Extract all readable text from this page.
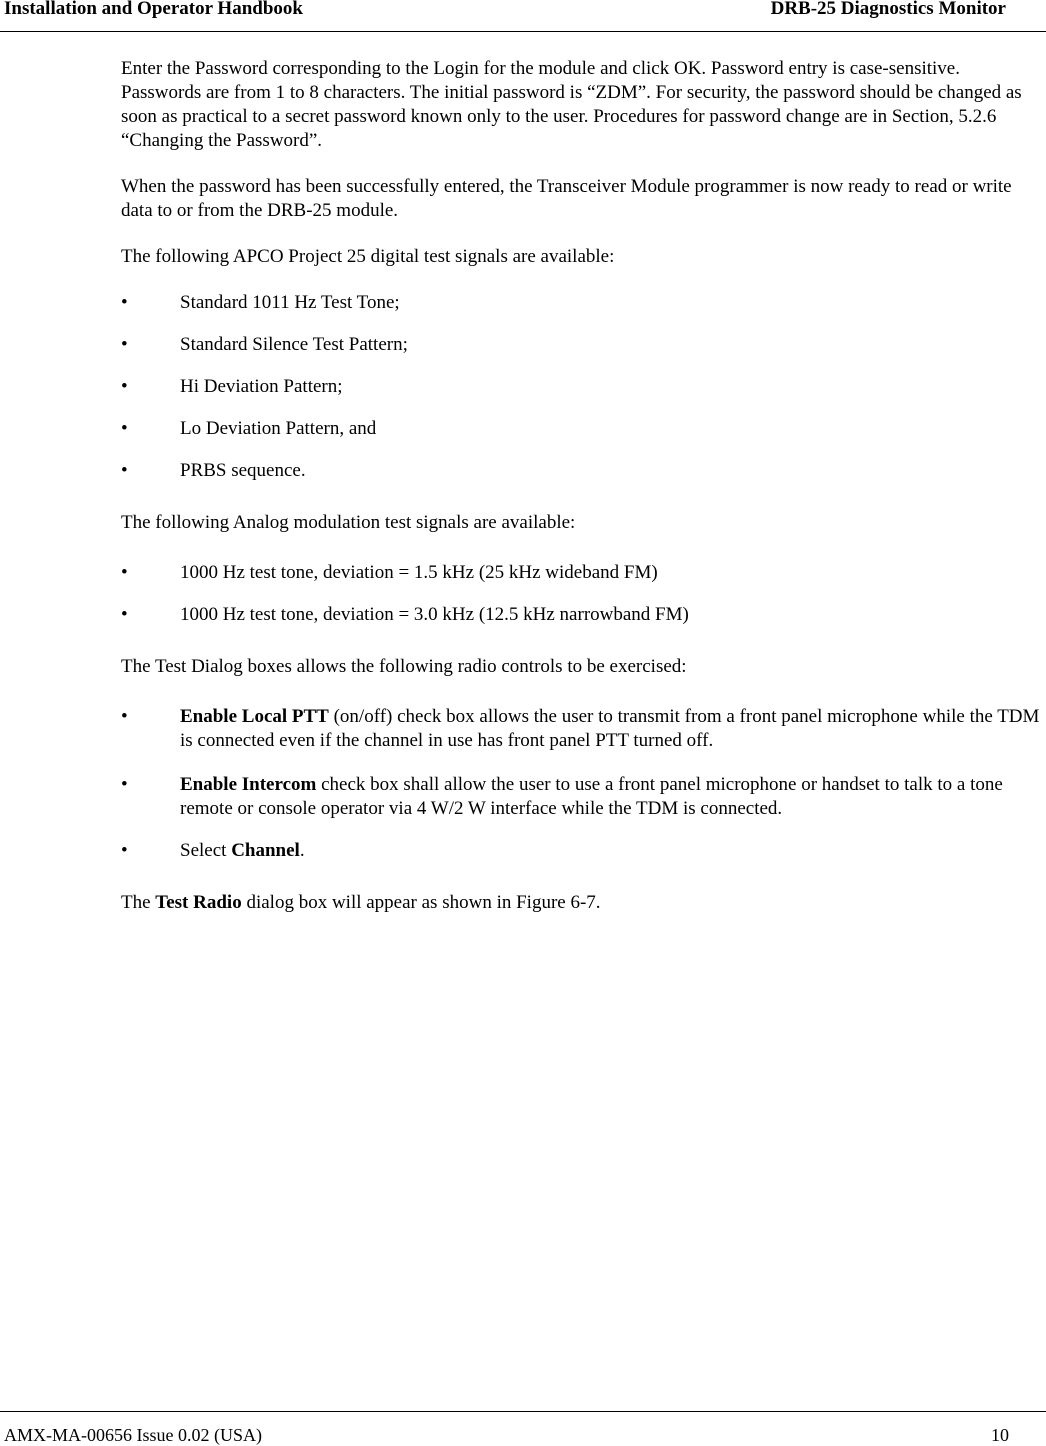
Installation and Operator Handbook	DRB-25 Diagnostics Monitor

Enter the Password corresponding to the Login for the module and click OK. Password entry is case-sensitive. Passwords are from 1 to 8 characters. The initial password is “ZDM”. For security, the password should be changed as soon as practical to a secret password known only to the user. Procedures for password change are in Section, 5.2.6 “Changing the Password”.

When the password has been successfully entered, the Transceiver Module programmer is now ready to read or write data to or from the DRB-25 module.

The following APCO Project 25 digital test signals are available:

•	Standard 1011 Hz Test Tone;
•	Standard Silence Test Pattern;
•	Hi Deviation Pattern;
•	Lo Deviation Pattern, and
•	PRBS sequence.

The following Analog modulation test signals are available:

•	1000 Hz test tone, deviation = 1.5 kHz (25 kHz wideband FM)
•	1000 Hz test tone, deviation = 3.0 kHz (12.5 kHz narrowband FM)

The Test Dialog boxes allows the following radio controls to be exercised:

•	Enable Local PTT (on/off) check box allows the user to transmit from a front panel microphone while the TDM is connected even if the channel in use has front panel PTT turned off.
•	Enable Intercom check box shall allow the user to use a front panel microphone or handset to talk to a tone remote or console operator via 4 W/2 W interface while the TDM is connected.
•	Select Channel.

The Test Radio dialog box will appear as shown in Figure 6-7.

AMX-MA-00656 Issue 0.02 (USA)	10
